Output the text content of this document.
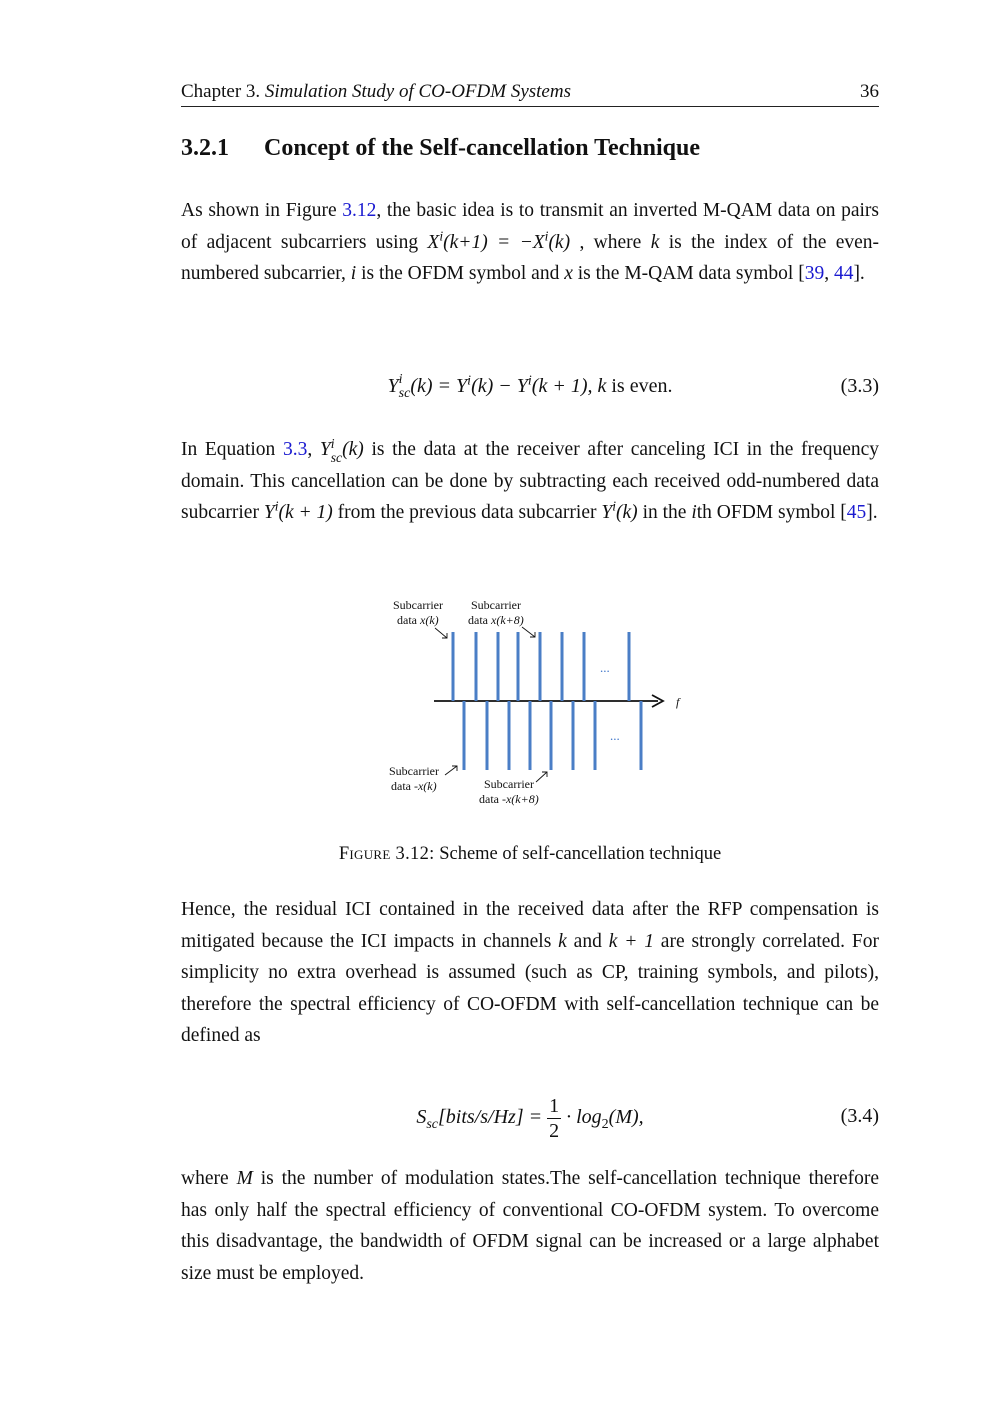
Chapter 3. Simulation Study of CO-OFDM Systems	36
3.2.1 Concept of the Self-cancellation Technique

As shown in Figure 3.12, the basic idea is to transmit an inverted M-QAM data on pairs of adjacent subcarriers using $X^i(k+1) = -X^i(k)$ , where k is the index of the even-numbered subcarrier, i is the OFDM symbol and x is the M-QAM data symbol [39, 44].

Y i
sc $(k) = Y^i(k) - Y^i(k + 1)$, k is even.	(3.3)

In Equation 3.3, Y i
sc (k) is the data at the receiver after canceling ICI in the frequency domain. This cancellation can be done by subtracting each received odd-numbered data subcarrier $Y^i(k + 1)$ from the previous data subcarrier $Y^i(k)$ in the ith OFDM symbol [45].

f
...
...
Subcarrier
data x(k)
Subcarrier
data x(k+8)
Subcarrier
data -x(k)	Subcarrier
data -x(k+8)
Figure 3.12: Scheme of self-cancellation technique

Hence, the residual ICI contained in the received data after the RFP compensation is mitigated because the ICI impacts in channels k and k + 1 are strongly correlated. For simplicity no extra overhead is assumed (such as CP, training symbols, and pilots), therefore the spectral efficiency of CO-OFDM with self-cancellation technique can be defined as

$S_{sc}[bits/s/Hz] = \frac{1}{2} \cdot \log_2(M)$,	(3.4)

where M is the number of modulation states.The self-cancellation technique therefore has only half the spectral efficiency of conventional CO-OFDM system. To overcome this disadvantage, the bandwidth of OFDM signal can be increased or a large alphabet size must be employed.
